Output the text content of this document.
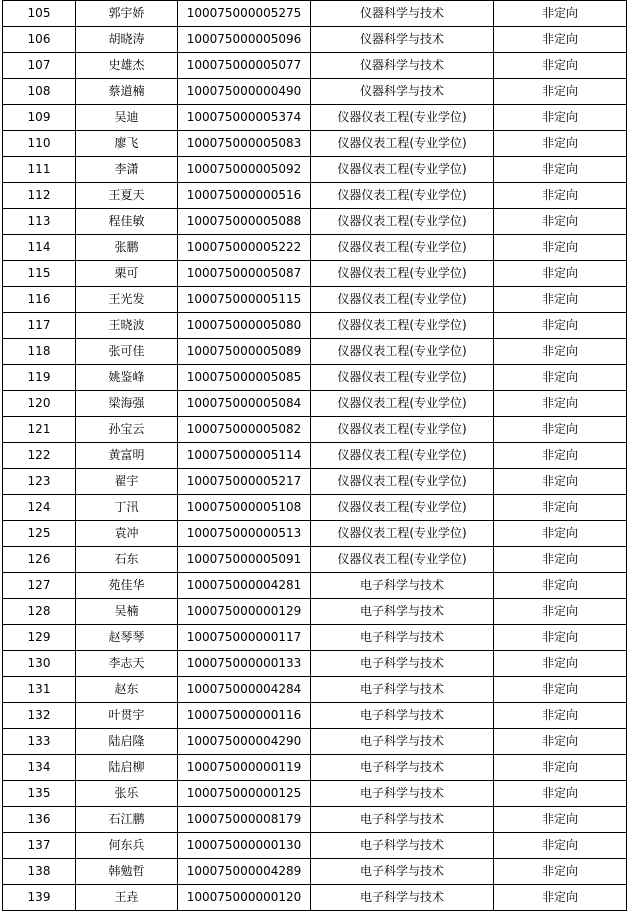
105	郭宇娇	100075000005275	仪器科学与技术	非定向
106	胡晓涛	100075000005096	仪器科学与技术	非定向
107	史雄杰	100075000005077	仪器科学与技术	非定向
108	蔡道楠	100075000000490	仪器科学与技术	非定向
109	吴迪	100075000005374	仪器仪表工程(专业学位)	非定向
110	廖飞	100075000005083	仪器仪表工程(专业学位)	非定向
111	李潇	100075000005092	仪器仪表工程(专业学位)	非定向
112	王夏天	100075000000516	仪器仪表工程(专业学位)	非定向
113	程佳敏	100075000005088	仪器仪表工程(专业学位)	非定向
114	张鹏	100075000005222	仪器仪表工程(专业学位)	非定向
115	栗可	100075000005087	仪器仪表工程(专业学位)	非定向
116	王光发	100075000005115	仪器仪表工程(专业学位)	非定向
117	王晓波	100075000005080	仪器仪表工程(专业学位)	非定向
118	张可佳	100075000005089	仪器仪表工程(专业学位)	非定向
119	姚鉴峰	100075000005085	仪器仪表工程(专业学位)	非定向
120	梁海强	100075000005084	仪器仪表工程(专业学位)	非定向
121	孙宝云	100075000005082	仪器仪表工程(专业学位)	非定向
122	黄富明	100075000005114	仪器仪表工程(专业学位)	非定向
123	翟宇	100075000005217	仪器仪表工程(专业学位)	非定向
124	丁汛	100075000005108	仪器仪表工程(专业学位)	非定向
125	袁冲	100075000000513	仪器仪表工程(专业学位)	非定向
126	石东	100075000005091	仪器仪表工程(专业学位)	非定向
127	苑佳华	100075000004281	电子科学与技术	非定向
128	吴楠	100075000000129	电子科学与技术	非定向
129	赵琴琴	100075000000117	电子科学与技术	非定向
130	李志天	100075000000133	电子科学与技术	非定向
131	赵东	100075000004284	电子科学与技术	非定向
132	叶贯宇	100075000000116	电子科学与技术	非定向
133	陆启隆	100075000004290	电子科学与技术	非定向
134	陆启柳	100075000000119	电子科学与技术	非定向
135	张乐	100075000000125	电子科学与技术	非定向
136	石江鹏	100075000008179	电子科学与技术	非定向
137	何东兵	100075000000130	电子科学与技术	非定向
138	韩勉哲	100075000004289	电子科学与技术	非定向
139	王垚	100075000000120	电子科学与技术	非定向
